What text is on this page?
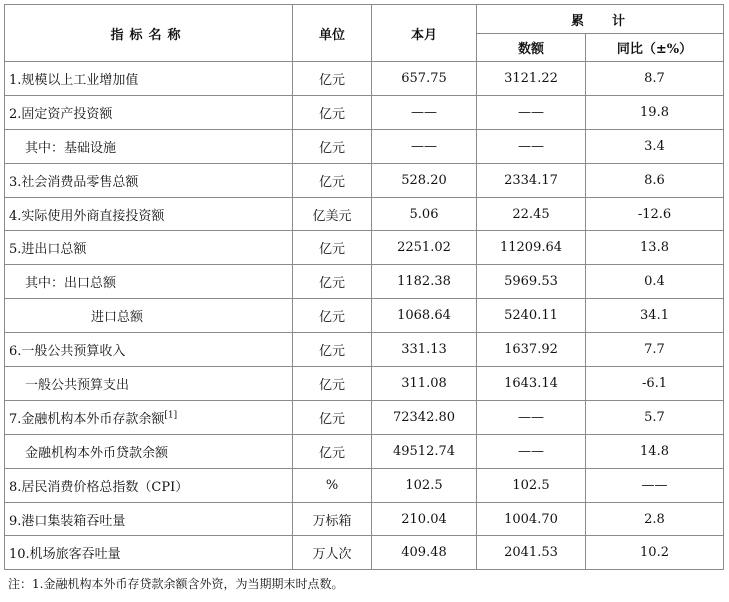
指标名称	单位	本月	累计	
			数额	同比（±%）
1.规模以上工业增加值	亿元	657.75	3121.22	8.7
2.固定资产投资额	亿元	——	——	19.8
其中：基础设施	亿元	——	——	3.4
3.社会消费品零售总额	亿元	528.20	2334.17	8.6
4.实际使用外商直接投资额	亿美元	5.06	22.45	-12.6
5.进出口总额	亿元	2251.02	11209.64	13.8
其中：出口总额	亿元	1182.38	5969.53	0.4
进口总额	亿元	1068.64	5240.11	34.1
6.一般公共预算收入	亿元	331.13	1637.92	7.7
一般公共预算支出	亿元	311.08	1643.14	-6.1
7.金融机构本外币存款余额[1]	亿元	72342.80	——	5.7
金融机构本外币贷款余额	亿元	49512.74	——	14.8
8.居民消费价格总指数（CPI）	%	102.5	102.5	——
9.港口集装箱吞吐量	万标箱	210.04	1004.70	2.8
10.机场旅客吞吐量	万人次	409.48	2041.53	10.2
注：1.金融机构本外币存贷款余额含外资，为当期期末时点数。
